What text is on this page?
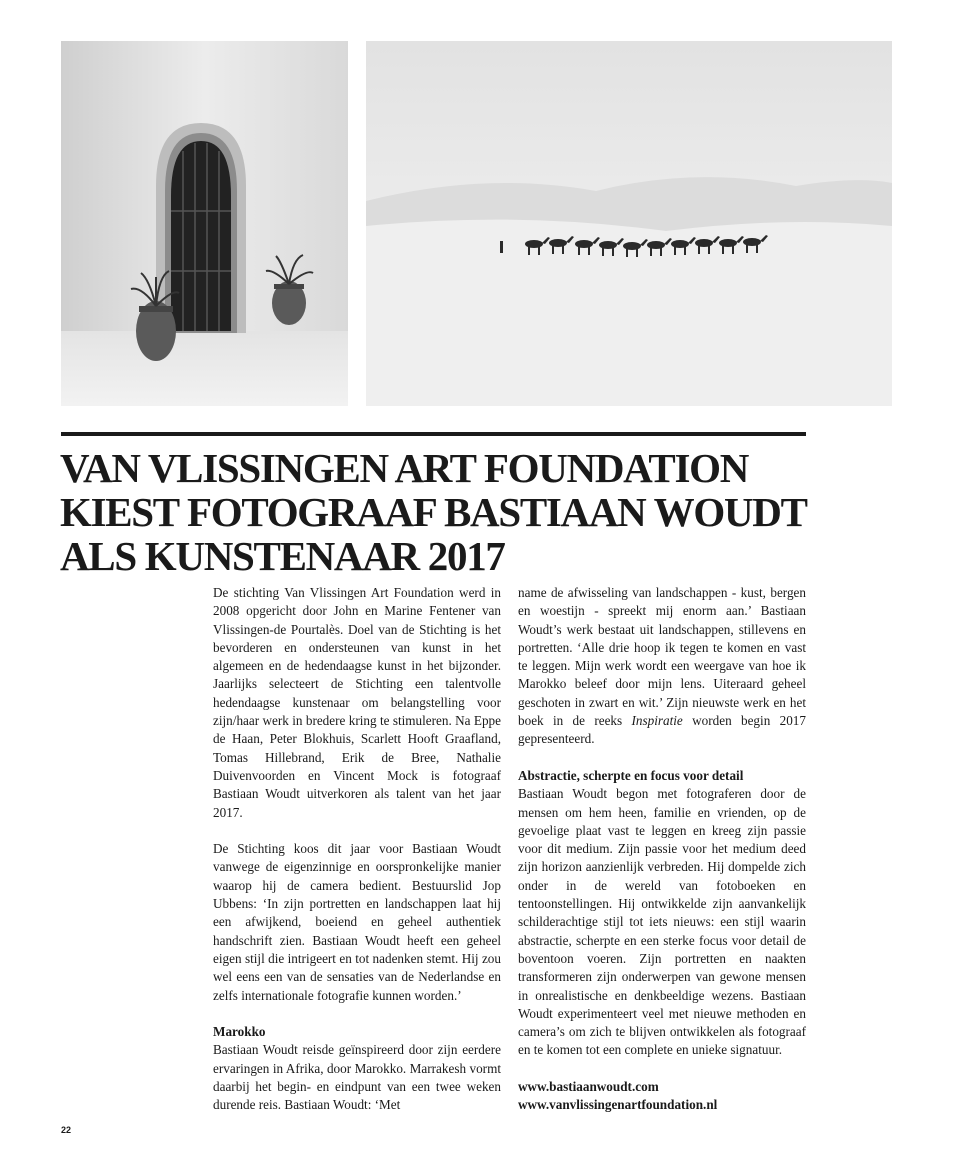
VAN VLISSINGEN ART FOUNDATION
KIEST FOTOGRAAF BASTIAAN WOUDT
ALS KUNSTENAAR 2017

De stichting Van Vlissingen Art Foundation werd in 2008 opgericht door John en Marine Fentener van Vlissingen-de Pourtalès. Doel van de Stichting is het bevorderen en ondersteunen van kunst in het algemeen en de hedendaagse kunst in het bijzonder. Jaarlijks selecteert de Stichting een talentvolle hedendaagse kunstenaar om belangstelling voor zijn/haar werk in bredere kring te stimuleren. Na Eppe de Haan, Peter Blokhuis, Scarlett Hooft Graafland, Tomas Hillebrand, Erik de Bree, Nathalie Duivenvoorden en Vincent Mock is fotograaf Bastiaan Woudt uitverkoren als talent van het jaar 2017.

De Stichting koos dit jaar voor Bastiaan Woudt vanwege de eigenzinnige en oorspronkelijke manier waarop hij de camera bedient. Bestuurslid Jop Ubbens: ‘In zijn portretten en landschappen laat hij een afwijkend, boeiend en geheel authentiek handschrift zien. Bastiaan Woudt heeft een geheel eigen stijl die intrigeert en tot nadenken stemt. Hij zou wel eens een van de sensaties van de Nederlandse en zelfs internationale fotografie kunnen worden.’

Marokko
Bastiaan Woudt reisde geïnspireerd door zijn eerdere ervaringen in Afrika, door Marokko. Marrakesh vormt daarbij het begin- en eindpunt van een twee weken durende reis. Bastiaan Woudt: ‘Met

name de afwisseling van landschappen - kust, bergen en woestijn - spreekt mij enorm aan.’ Bastiaan Woudt’s werk bestaat uit landschappen, stillevens en portretten. ‘Alle drie hoop ik tegen te komen en vast te leggen. Mijn werk wordt een weergave van hoe ik Marokko beleef door mijn lens. Uiteraard geheel geschoten in zwart en wit.’ Zijn nieuwste werk en het boek in de reeks Inspiratie worden begin 2017 gepresenteerd.

Abstractie, scherpte en focus voor detail
Bastiaan Woudt begon met fotograferen door de mensen om hem heen, familie en vrienden, op de gevoelige plaat vast te leggen en kreeg zijn passie voor dit medium. Zijn passie voor het medium deed zijn horizon aanzienlijk verbreden. Hij dompelde zich onder in de wereld van fotoboeken en tentoonstellingen. Hij ontwikkelde zijn aanvankelijk schilderachtige stijl tot iets nieuws: een stijl waarin abstractie, scherpte en een sterke focus voor detail de boventoon voeren. Zijn portretten en naakten transformeren zijn onderwerpen van gewone mensen in onrealistische en denkbeeldige wezens. Bastiaan Woudt experimenteert veel met nieuwe methoden en camera’s om zich te blijven ontwikkelen als fotograaf en te komen tot een complete en unieke signatuur.

www.bastiaanwoudt.com
www.vanvlissingenartfoundation.nl
22
